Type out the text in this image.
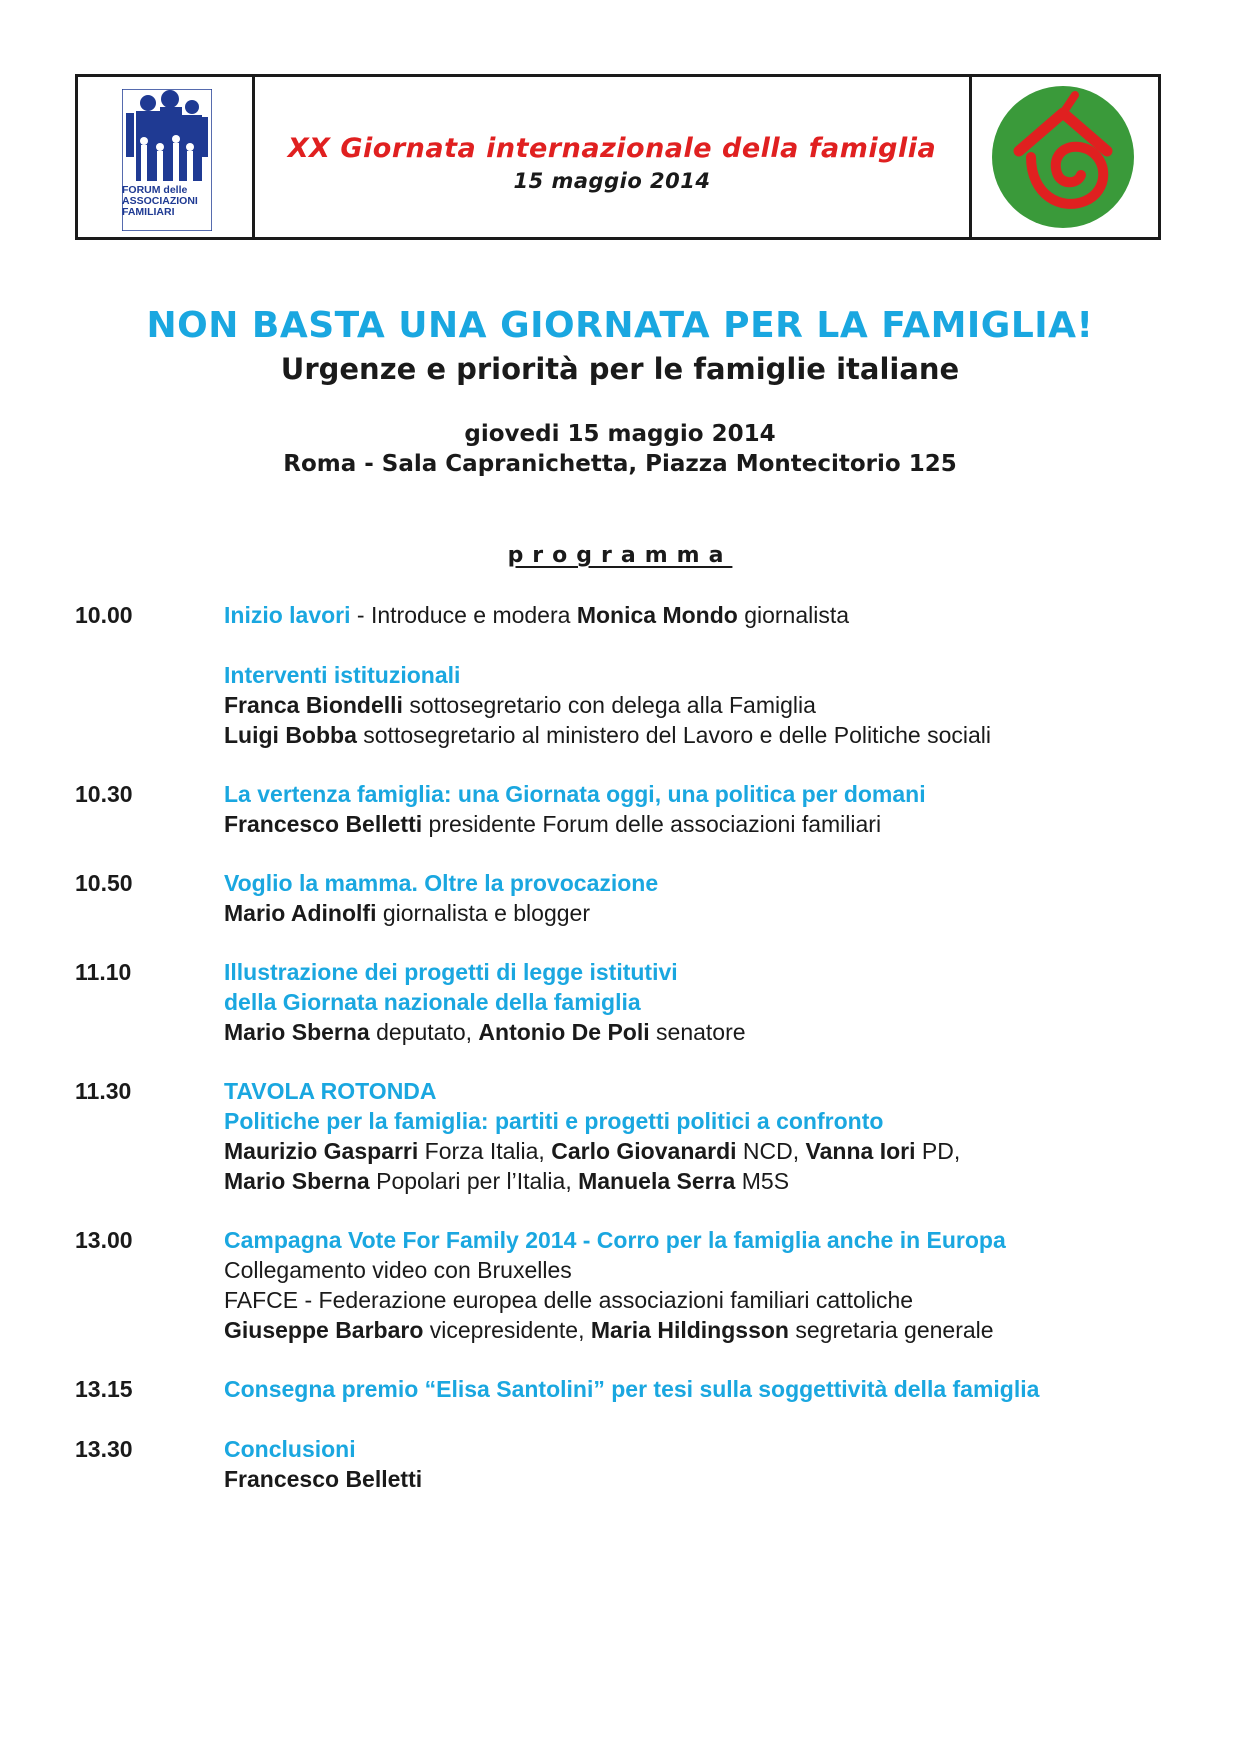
FORUM delle
ASSOCIAZIONI
FAMILIARI
XX Giornata internazionale della famiglia
15 maggio 2014
NON BASTA UNA GIORNATA PER LA FAMIGLIA!
Urgenze e priorità per le famiglie italiane
giovedi 15 maggio 2014
Roma - Sala Capranichetta, Piazza Montecitorio 125
programma
10.00	Inizio lavori - Introduce e modera Monica Mondo giornalista
Interventi istituzionali
Franca Biondelli sottosegretario con delega alla Famiglia
Luigi Bobba sottosegretario al ministero del Lavoro e delle Politiche sociali
10.30	La vertenza famiglia: una Giornata oggi, una politica per domani
Francesco Belletti presidente Forum delle associazioni familiari
10.50	Voglio la mamma. Oltre la provocazione
Mario Adinolfi giornalista e blogger
11.10	Illustrazione dei progetti di legge istitutivi
della Giornata nazionale della famiglia
Mario Sberna deputato, Antonio De Poli senatore
11.30	TAVOLA ROTONDA
Politiche per la famiglia: partiti e progetti politici a confronto
Maurizio Gasparri Forza Italia, Carlo Giovanardi NCD, Vanna Iori PD,
Mario Sberna Popolari per l’Italia, Manuela Serra M5S
13.00	Campagna Vote For Family 2014 - Corro per la famiglia anche in Europa
Collegamento video con Bruxelles
FAFCE - Federazione europea delle associazioni familiari cattoliche
Giuseppe Barbaro vicepresidente, Maria Hildingsson segretaria generale
13.15	Consegna premio “Elisa Santolini” per tesi sulla soggettività della famiglia
13.30	Conclusioni
Francesco Belletti
